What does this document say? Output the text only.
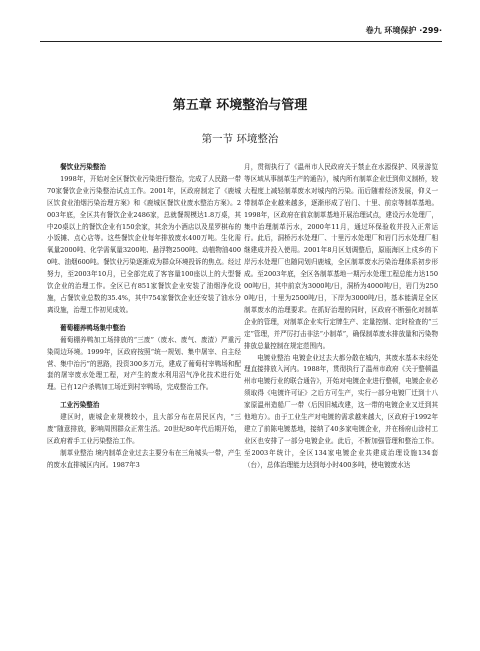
卷九 环境保护 ·299·
第五章 环境整治与管理
第一节 环境整治
餐饮业污染整治

1998年，开始对全区餐饮业污染进行整治，完成了人民路一带70家餐饮企业污染整治试点工作。2001年，区政府制定了《鹿城区饮食业油烟污染治理方案》和《鹿城区餐饮业废水整治方案》。2003年底，全区共有餐饮企业2486家，总就餐规模达1.8万桌，其中20桌以上的餐饮企业有150余家，其余为小酒店以及星罗棋布的小饭摊、点心店等。这些餐饮企业每年排放废水400万吨。生化需氧量2000吨、化学需氧量3200吨、悬浮物2500吨、动植物油4000吨、油烟600吨。餐饮业污染逐渐成为群众环境投诉的焦点。经过努力，至2003年10月，已全部完成了客容量100座以上的大型餐饮企业的治理工作。全区已有851家餐饮企业安装了油烟净化设施，占餐饮业总数的35.4%，其中754家餐饮企业还安装了油水分离设施，治理工作初见成效。

葡萄棚养鸭场集中整治

葡萄棚养鸭加工场排放的“三废”（废水、废气、废渣）严重污染周边环境。1999年，区政府按照“统一规划、集中屠宰、自主经营、集中治污”的思路，投资300多万元，建成了葡萄村宰鸭场和配套的屠宰废水处理工程，对产生的废水利用沼气净化技术进行处理。已有12户杀鸭加工场迁到村宰鸭场，完成整治工作。

工业污染整治

建区时，鹿城企业规模较小，且大部分布在居民区内，“三废”随意排放，影响周围群众正常生活。20世纪80年代后期开始，区政府着手工业污染整治工作。

制革业整治 境内制革企业过去主要分布在三角城头一带，产生的废水直排城区内河。1987年3

月，贯彻执行了《温州市人民政府关于禁止在水源保护、风景游览等区域从事制革生产的通告》，城内所有制革企业迁到仰义制桥，较大程度上减轻制革废水对城内的污染。而后随着经济发展，仰义一带制革企业越来越多，逐渐形成了岩门、十里、前京等制革基地。1998年，区政府在前京制革基地开展治理试点，建设污水处理厂，集中治理制革污水，2000年11月，通过环保验收并投入正常运行。此后，洞桥污水处理厂、十里污水处理厂和岩门污水处理厂相继建成并投入使用。2001年8月区划调整后，原瓯海区上戍乡的下岸污水处理厂也随同划归鹿城，全区制革废水污染治理体系初步形成。至2003年底，全区各制革基地一期污水处理工程总能力达15000吨/日，其中前京为3000吨/日，洞桥为4000吨/日，岩门为2500吨/日，十里为2500吨/日，下岸为3000吨/日，基本能满足全区制革废水的治理要求。在抓好治理的同时，区政府不断强化对制革企业的管理，对制革企业实行定牌生产、定量控制、定时检查的“三定”管理，并严厉打击非法“小制革”，确保制革废水排放量和污染物排放总量控制在规定范围内。

电镀业整治 电镀企业过去大都分散在城内，其废水基本未经处理直接排放入河内。1988年，贯彻执行了温州市政府《关于整顿温州市电镀行业的联合通告》，开始对电镀企业进行整顿，电镀企业必须取得《电镀许可证》之后方可生产，实行一部分电镀厂迁到十八家原温州造船厂一带（后因旧城改建，这一带的电镀企业又迁到其他地方）。由于工业生产对电镀的需求越来越大，区政府于1992年建立了前陈电镀基地，接纳了40多家电镀企业，并在杨府山涂村工业区也安排了一部分电镀企业。此后，不断加强管理和整治工作。至2003年统计，全区134家电镀企业共建成治理设施134套（台），总体治理能力达到每小时400多吨，使电镀废水达
